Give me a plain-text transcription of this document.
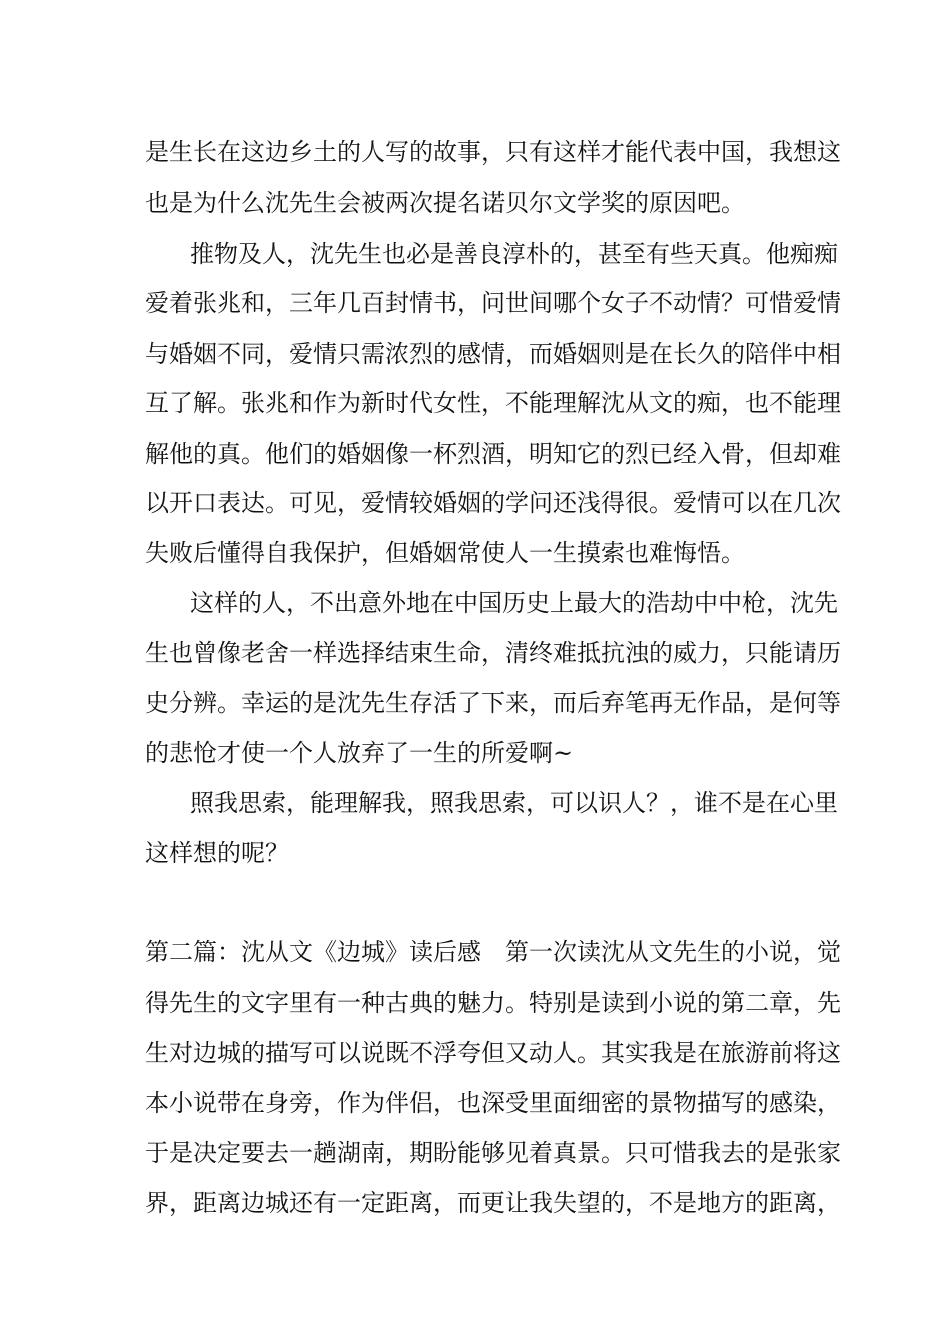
是生长在这边乡土的人写的故事，只有这样才能代表中国，我想这
也是为什么沈先生会被两次提名诺贝尔文学奖的原因吧。
推物及人，沈先生也必是善良淳朴的，甚至有些天真。他痴痴
爱着张兆和，三年几百封情书，问世间哪个女子不动情？可惜爱情
与婚姻不同，爱情只需浓烈的感情，而婚姻则是在长久的陪伴中相
互了解。张兆和作为新时代女性，不能理解沈从文的痴，也不能理
解他的真。他们的婚姻像一杯烈酒，明知它的烈已经入骨，但却难
以开口表达。可见，爱情较婚姻的学问还浅得很。爱情可以在几次
失败后懂得自我保护，但婚姻常使人一生摸索也难悔悟。
这样的人，不出意外地在中国历史上最大的浩劫中中枪，沈先
生也曾像老舍一样选择结束生命，清终难抵抗浊的威力，只能请历
史分辨。幸运的是沈先生存活了下来，而后弃笔再无作品，是何等
的悲怆才使一个人放弃了一生的所爱啊~
照我思索，能理解我，照我思索，可以识人？，谁不是在心里
这样想的呢？
第二篇：沈从文《边城》读后感　第一次读沈从文先生的小说，觉
得先生的文字里有一种古典的魅力。特别是读到小说的第二章，先
生对边城的描写可以说既不浮夸但又动人。其实我是在旅游前将这
本小说带在身旁，作为伴侣，也深受里面细密的景物描写的感染，
于是决定要去一趟湖南，期盼能够见着真景。只可惜我去的是张家
界，距离边城还有一定距离，而更让我失望的，不是地方的距离，
